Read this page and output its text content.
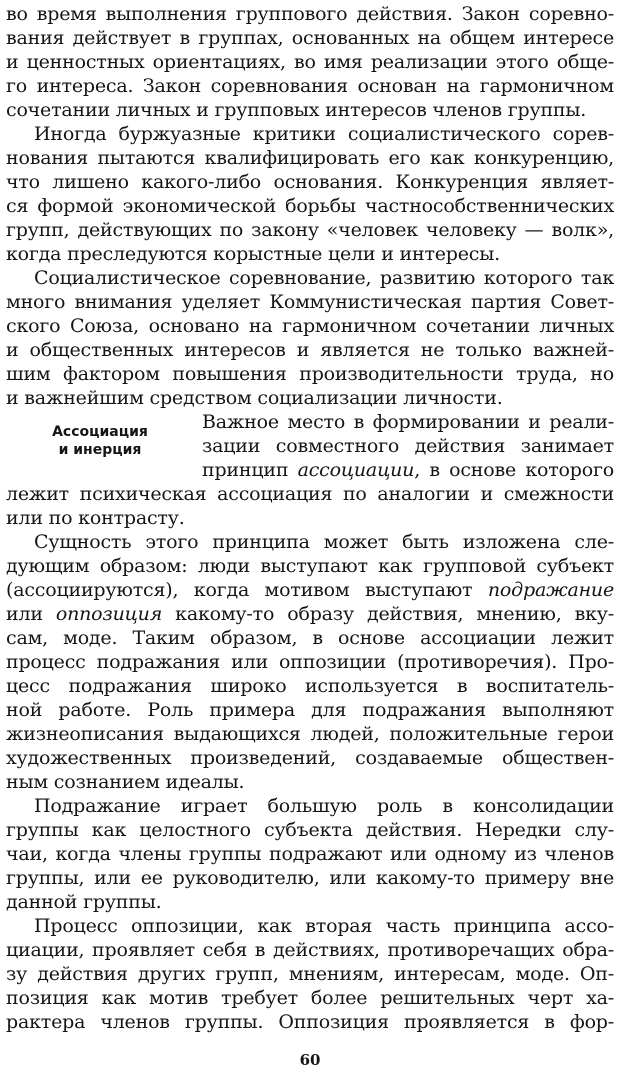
во время выполнения группового действия. Закон соревно-
вания действует в группах, основанных на общем интересе
и ценностных ориентациях, во имя реализации этого обще-
го интереса. Закон соревнования основан на гармоничном
сочетании личных и групповых интересов членов группы.
Иногда буржуазные критики социалистического сорев-
нования пытаются квалифицировать его как конкуренцию,
что лишено какого-либо основания. Конкуренция являет-
ся формой экономической борьбы частнособственнических
групп, действующих по закону «человек человеку — волк»,
когда преследуются корыстные цели и интересы.
Социалистическое соревнование, развитию которого так
много внимания уделяет Коммунистическая партия Совет-
ского Союза, основано на гармоничном сочетании личных
и общественных интересов и является не только важней-
шим фактором повышения производительности труда, но
и важнейшим средством социализации личности.
Ассоциация
и инерция
Важное место в формировании и реали-
зации совместного действия занимает
принцип ассоциации, в основе которого
лежит психическая ассоциация по аналогии и смежности
или по контрасту.
Сущность этого принципа может быть изложена сле-
дующим образом: люди выступают как групповой субъект
(ассоциируются), когда мотивом выступают подражание
или оппозиция какому-то образу действия, мнению, вку-
сам, моде. Таким образом, в основе ассоциации лежит
процесс подражания или оппозиции (противоречия). Про-
цесс подражания широко используется в воспитатель-
ной работе. Роль примера для подражания выполняют
жизнеописания выдающихся людей, положительные герои
художественных произведений, создаваемые обществен-
ным сознанием идеалы.
Подражание играет большую роль в консолидации
группы как целостного субъекта действия. Нередки слу-
чаи, когда члены группы подражают или одному из членов
группы, или ее руководителю, или какому-то примеру вне
данной группы.
Процесс оппозиции, как вторая часть принципа ассо-
циации, проявляет себя в действиях, противоречащих обра-
зу действия других групп, мнениям, интересам, моде. Оп-
позиция как мотив требует более решительных черт ха-
рактера членов группы. Оппозиция проявляется в фор-
60
